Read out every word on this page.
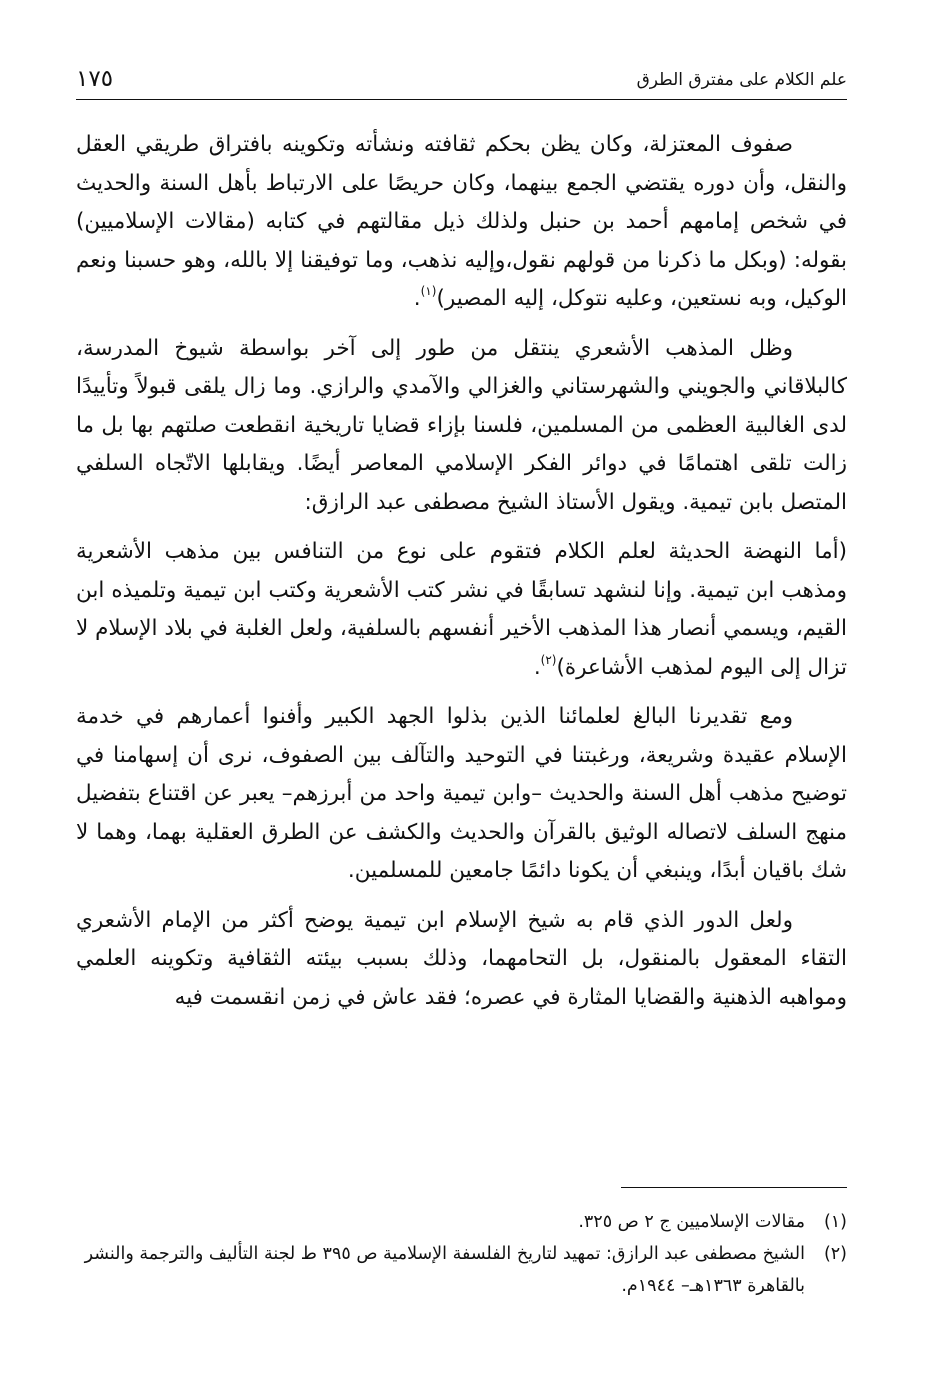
علم الكلام على مفترق الطرق
١٧٥

صفوف المعتزلة، وكان يظن بحكم ثقافته ونشأته وتكوينه بافتراق طريقي العقل والنقل، وأن دوره يقتضي الجمع بينهما، وكان حريصًا على الارتباط بأهل السنة والحديث في شخص إمامهم أحمد بن حنبل ولذلك ذيل مقالتهم في كتابه (مقالات الإسلاميين) بقوله: (وبكل ما ذكرنا من قولهم نقول،وإليه نذهب، وما توفيقنا إلا بالله، وهو حسبنا ونعم الوكيل، وبه نستعين، وعليه نتوكل، إليه المصير)$^{(١)}$.

وظل المذهب الأشعري ينتقل من طور إلى آخر بواسطة شيوخ المدرسة، كالبلاقاني والجويني والشهرستاني والغزالي والآمدي والرازي. وما زال يلقى قبولاً وتأييدًا لدى الغالبية العظمى من المسلمين، فلسنا بإزاء قضايا تاريخية انقطعت صلتهم بها بل ما زالت تلقى اهتمامًا في دوائر الفكر الإسلامي المعاصر أيضًا. ويقابلها الاتّجاه السلفي المتصل بابن تيمية. ويقول الأستاذ الشيخ مصطفى عبد الرازق:

(أما النهضة الحديثة لعلم الكلام فتقوم على نوع من التنافس بين مذهب الأشعرية ومذهب ابن تيمية. وإنا لنشهد تسابقًا في نشر كتب الأشعرية وكتب ابن تيمية وتلميذه ابن القيم، ويسمي أنصار هذا المذهب الأخير أنفسهم بالسلفية، ولعل الغلبة في بلاد الإسلام لا تزال إلى اليوم لمذهب الأشاعرة)$^{(٢)}$.

ومع تقديرنا البالغ لعلمائنا الذين بذلوا الجهد الكبير وأفنوا أعمارهم في خدمة الإسلام عقيدة وشريعة، ورغبتنا في التوحيد والتآلف بين الصفوف، نرى أن إسهامنا في توضيح مذهب أهل السنة والحديث –وابن تيمية واحد من أبرزهم– يعبر عن اقتناع بتفضيل منهج السلف لاتصاله الوثيق بالقرآن والحديث والكشف عن الطرق العقلية بهما، وهما لا شك باقيان أبدًا، وينبغي أن يكونا دائمًا جامعين للمسلمين.

ولعل الدور الذي قام به شيخ الإسلام ابن تيمية يوضح أكثر من الإمام الأشعري التقاء المعقول بالمنقول، بل التحامهما، وذلك بسبب بيئته الثقافية وتكوينه العلمي ومواهبه الذهنية والقضايا المثارة في عصره؛ فقد عاش في زمن انقسمت فيه

(١)
مقالات الإسلاميين ج ٢ ص ٣٢٥.

(٢)
الشيخ مصطفى عبد الرازق: تمهيد لتاريخ الفلسفة الإسلامية ص ٣٩٥ ط لجنة التأليف والترجمة والنشر بالقاهرة ١٣٦٣هـ– ١٩٤٤م.
